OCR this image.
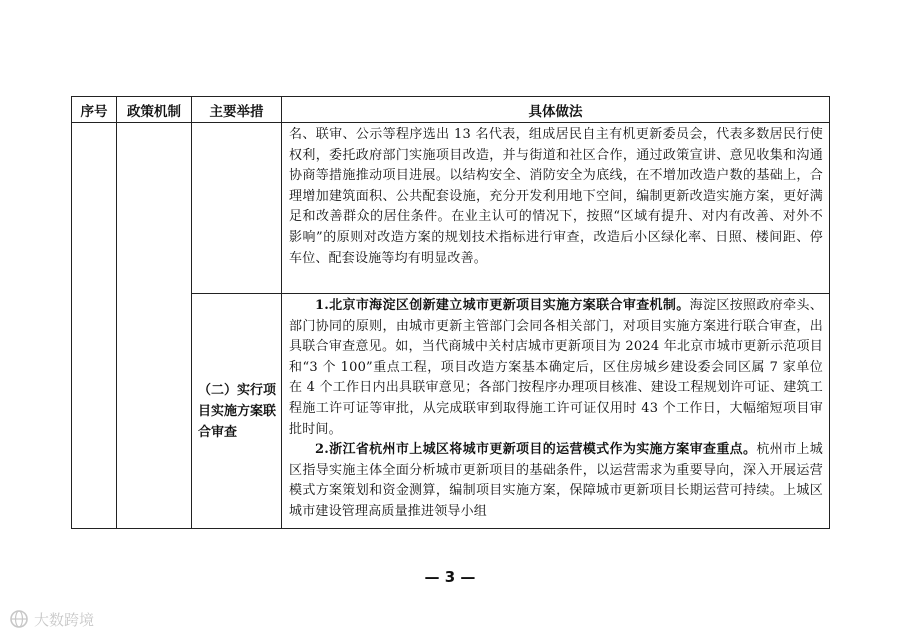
序号	政策机制	主要举措	具体做法

			名、联审、公示等程序选出 13 名代表，组成居民自主有机更新委员会，代表多数居民行使权利，委托政府部门实施项目改造，并与街道和社区合作，通过政策宣讲、意见收集和沟通协商等措施推动项目进展。以结构安全、消防安全为底线，在不增加改造户数的基础上，合理增加建筑面积、公共配套设施，充分开发利用地下空间，编制更新改造实施方案，更好满足和改善群众的居住条件。在业主认可的情况下，按照“区域有提升、对内有改善、对外不影响”的原则对改造方案的规划技术指标进行审查，改造后小区绿化率、日照、楼间距、停车位、配套设施等均有明显改善。

		（二）实行项目实施方案联合审查	1.北京市海淀区创新建立城市更新项目实施方案联合审查机制。海淀区按照政府牵头、部门协同的原则，由城市更新主管部门会同各相关部门，对项目实施方案进行联合审查，出具联合审查意见。如，当代商城中关村店城市更新项目为 2024 年北京市城市更新示范项目和“3 个 100”重点工程，项目改造方案基本确定后，区住房城乡建设委会同区属 7 家单位在 4 个工作日内出具联审意见；各部门按程序办理项目核准、建设工程规划许可证、建筑工程施工许可证等审批，从完成联审到取得施工许可证仅用时 43 个工作日，大幅缩短项目审批时间。

2.浙江省杭州市上城区将城市更新项目的运营模式作为实施方案审查重点。杭州市上城区指导实施主体全面分析城市更新项目的基础条件，以运营需求为重要导向，深入开展运营模式方案策划和资金测算，编制项目实施方案，保障城市更新项目长期运营可持续。上城区城市建设管理高质量推进领导小组

— 3 —
大数跨境
